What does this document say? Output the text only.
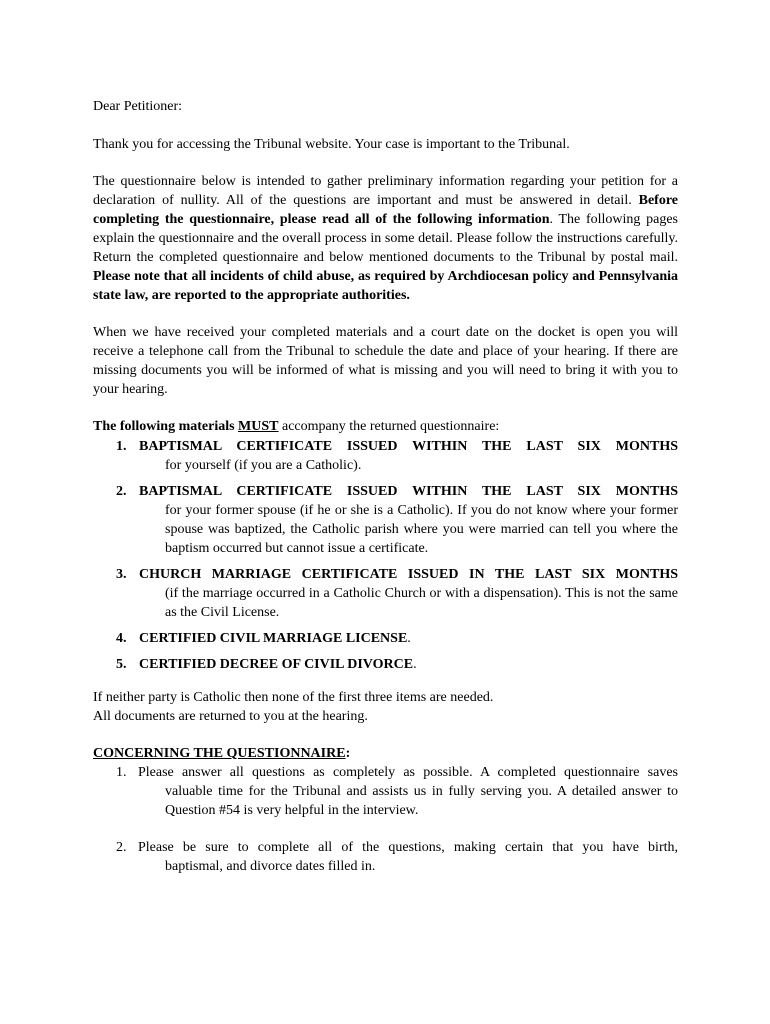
Dear Petitioner:

Thank you for accessing the Tribunal website. Your case is important to the Tribunal.

The questionnaire below is intended to gather preliminary information regarding your petition for a declaration of nullity. All of the questions are important and must be answered in detail. Before completing the questionnaire, please read all of the following information. The following pages explain the questionnaire and the overall process in some detail. Please follow the instructions carefully. Return the completed questionnaire and below mentioned documents to the Tribunal by postal mail. Please note that all incidents of child abuse, as required by Archdiocesan policy and Pennsylvania state law, are reported to the appropriate authorities.

When we have received your completed materials and a court date on the docket is open you will receive a telephone call from the Tribunal to schedule the date and place of your hearing. If there are missing documents you will be informed of what is missing and you will need to bring it with you to your hearing.

The following materials MUST accompany the returned questionnaire:

1. BAPTISMAL CERTIFICATE ISSUED WITHIN THE LAST SIX MONTHS
for yourself (if you are a Catholic).
2. BAPTISMAL CERTIFICATE ISSUED WITHIN THE LAST SIX MONTHS
for your former spouse (if he or she is a Catholic). If you do not know where your former spouse was baptized, the Catholic parish where you were married can tell you where the baptism occurred but cannot issue a certificate.
3. CHURCH MARRIAGE CERTIFICATE ISSUED IN THE LAST SIX MONTHS
(if the marriage occurred in a Catholic Church or with a dispensation). This is not the same as the Civil License.
4. CERTIFIED CIVIL MARRIAGE LICENSE.
5. CERTIFIED DECREE OF CIVIL DIVORCE.

If neither party is Catholic then none of the first three items are needed.

All documents are returned to you at the hearing.

CONCERNING THE QUESTIONNAIRE:

1. Please answer all questions as completely as possible. A completed questionnaire saves
valuable time for the Tribunal and assists us in fully serving you. A detailed answer to Question #54 is very helpful in the interview.
2. Please be sure to complete all of the questions, making certain that you have birth,
baptismal, and divorce dates filled in.
